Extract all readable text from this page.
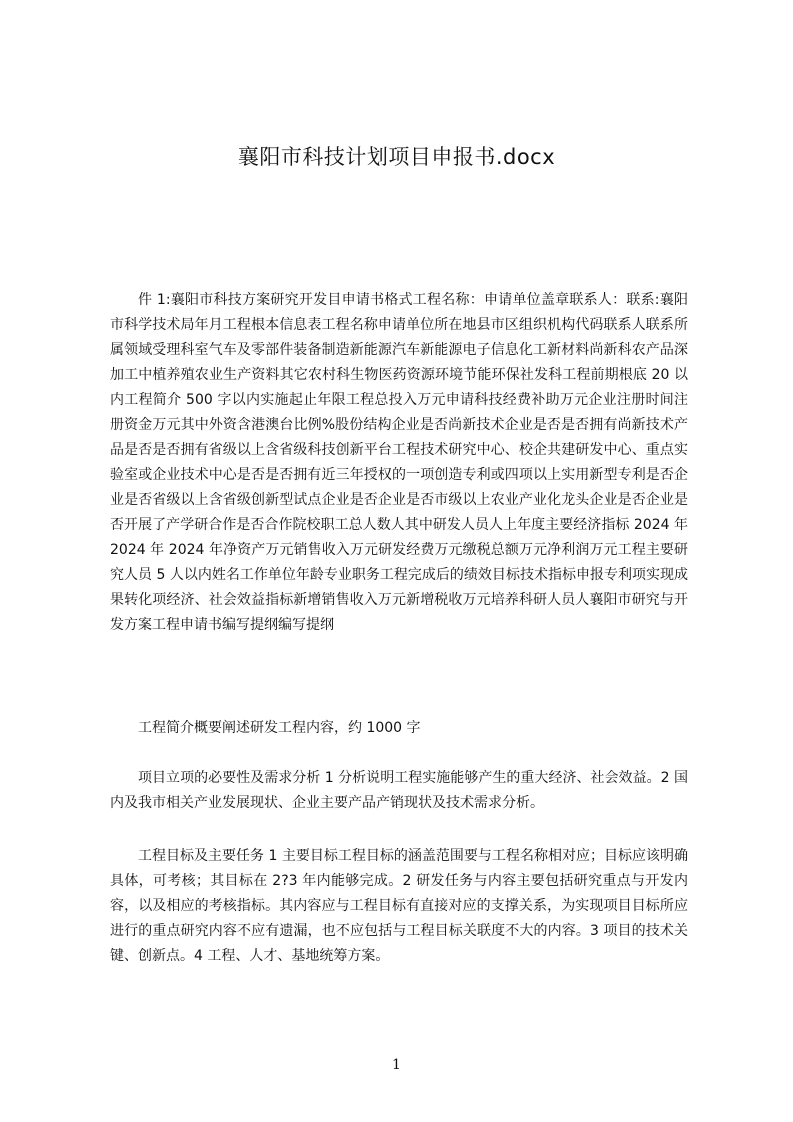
襄阳市科技计划项目申报书.docx

件 1:襄阳市科技方案研究开发目申请书格式工程名称：申请单位盖章联系人：联系:襄阳市科学技术局年月工程根本信息表工程名称申请单位所在地县市区组织机构代码联系人联系所属领域受理科室气车及零部件装备制造新能源汽车新能源电子信息化工新材料尚新科农产品深加工中植养殖农业生产资料其它农村科生物医药资源环境节能环保社发科工程前期根底 20 以内工程简介 500 字以内实施起止年限工程总投入万元申请科技经费补助万元企业注册时间注册资金万元其中外资含港澳台比例%股份结构企业是否尚新技术企业是否是否拥有尚新技术产品是否是否拥有省级以上含省级科技创新平台工程技术研究中心、校企共建研发中心、重点实验室或企业技术中心是否是否拥有近三年授权的一项创造专利或四项以上实用新型专利是否企业是否省级以上含省级创新型试点企业是否企业是否市级以上农业产业化龙头企业是否企业是否开展了产学研合作是否合作院校职工总人数人其中研发人员人上年度主要经济指标 2024 年 2024 年 2024 年净资产万元销售收入万元研发经费万元缴税总额万元净利润万元工程主要研究人员 5 人以内姓名工作单位年龄专业职务工程完成后的绩效目标技术指标申报专利项实现成果转化项经济、社会效益指标新增销售收入万元新增税收万元培养科研人员人襄阳市研究与开发方案工程申请书编写提纲编写提纲

工程简介概要阐述研发工程内容，约 1000 字

项目立项的必要性及需求分析 1 分析说明工程实施能够产生的重大经济、社会效益。2 国内及我市相关产业发展现状、企业主要产品产销现状及技术需求分析。

工程目标及主要任务 1 主要目标工程目标的涵盖范围要与工程名称相对应；目标应该明确具体，可考核；其目标在 2?3 年内能够完成。2 研发任务与内容主要包括研究重点与开发内容，以及相应的考核指标。其内容应与工程目标有直接对应的支撑关系，为实现项目目标所应进行的重点研究内容不应有遗漏，也不应包括与工程目标关联度不大的内容。3 项目的技术关键、创新点。4 工程、人才、基地统筹方案。

1
